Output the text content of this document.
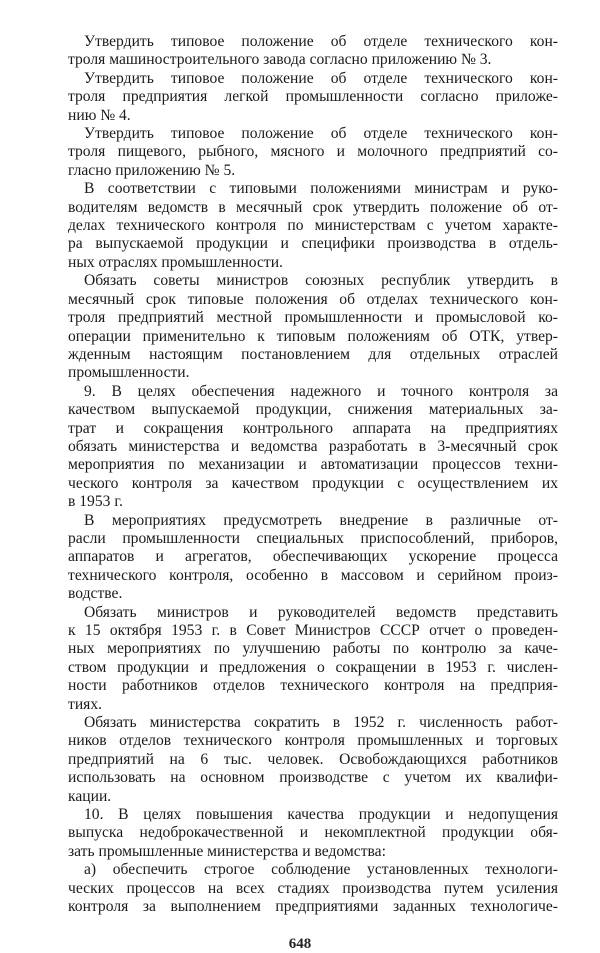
Утвердить типовое положение об отделе технического кон-
троля машиностроительного завода согласно приложению № 3.
Утвердить типовое положение об отделе технического кон-
троля предприятия легкой промышленности согласно приложе-
нию № 4.
Утвердить типовое положение об отделе технического кон-
троля пищевого, рыбного, мясного и молочного предприятий со-
гласно приложению № 5.
В соответствии с типовыми положениями министрам и руко-
водителям ведомств в месячный срок утвердить положение об от-
делах технического контроля по министерствам с учетом характе-
ра выпускаемой продукции и специфики производства в отдель-
ных отраслях промышленности.
Обязать советы министров союзных республик утвердить в
месячный срок типовые положения об отделах технического кон-
троля предприятий местной промышленности и промысловой ко-
операции применительно к типовым положениям об ОТК, утвер-
жденным настоящим постановлением для отдельных отраслей
промышленности.
9. В целях обеспечения надежного и точного контроля за
качеством выпускаемой продукции, снижения материальных за-
трат и сокращения контрольного аппарата на предприятиях
обязать министерства и ведомства разработать в 3-месячный срок
мероприятия по механизации и автоматизации процессов техни-
ческого контроля за качеством продукции с осуществлением их
в 1953 г.
В мероприятиях предусмотреть внедрение в различные от-
расли промышленности специальных приспособлений, приборов,
аппаратов и агрегатов, обеспечивающих ускорение процесса
технического контроля, особенно в массовом и серийном произ-
водстве.
Обязать министров и руководителей ведомств представить
к 15 октября 1953 г. в Совет Министров СССР отчет о проведен-
ных мероприятиях по улучшению работы по контролю за каче-
ством продукции и предложения о сокращении в 1953 г. числен-
ности работников отделов технического контроля на предприя-
тиях.
Обязать министерства сократить в 1952 г. численность работ-
ников отделов технического контроля промышленных и торговых
предприятий на 6 тыс. человек. Освобождающихся работников
использовать на основном производстве с учетом их квалифи-
кации.
10. В целях повышения качества продукции и недопущения
выпуска недоброкачественной и некомплектной продукции обя-
зать промышленные министерства и ведомства:
а) обеспечить строгое соблюдение установленных технологи-
ческих процессов на всех стадиях производства путем усиления
контроля за выполнением предприятиями заданных технологиче-
648
